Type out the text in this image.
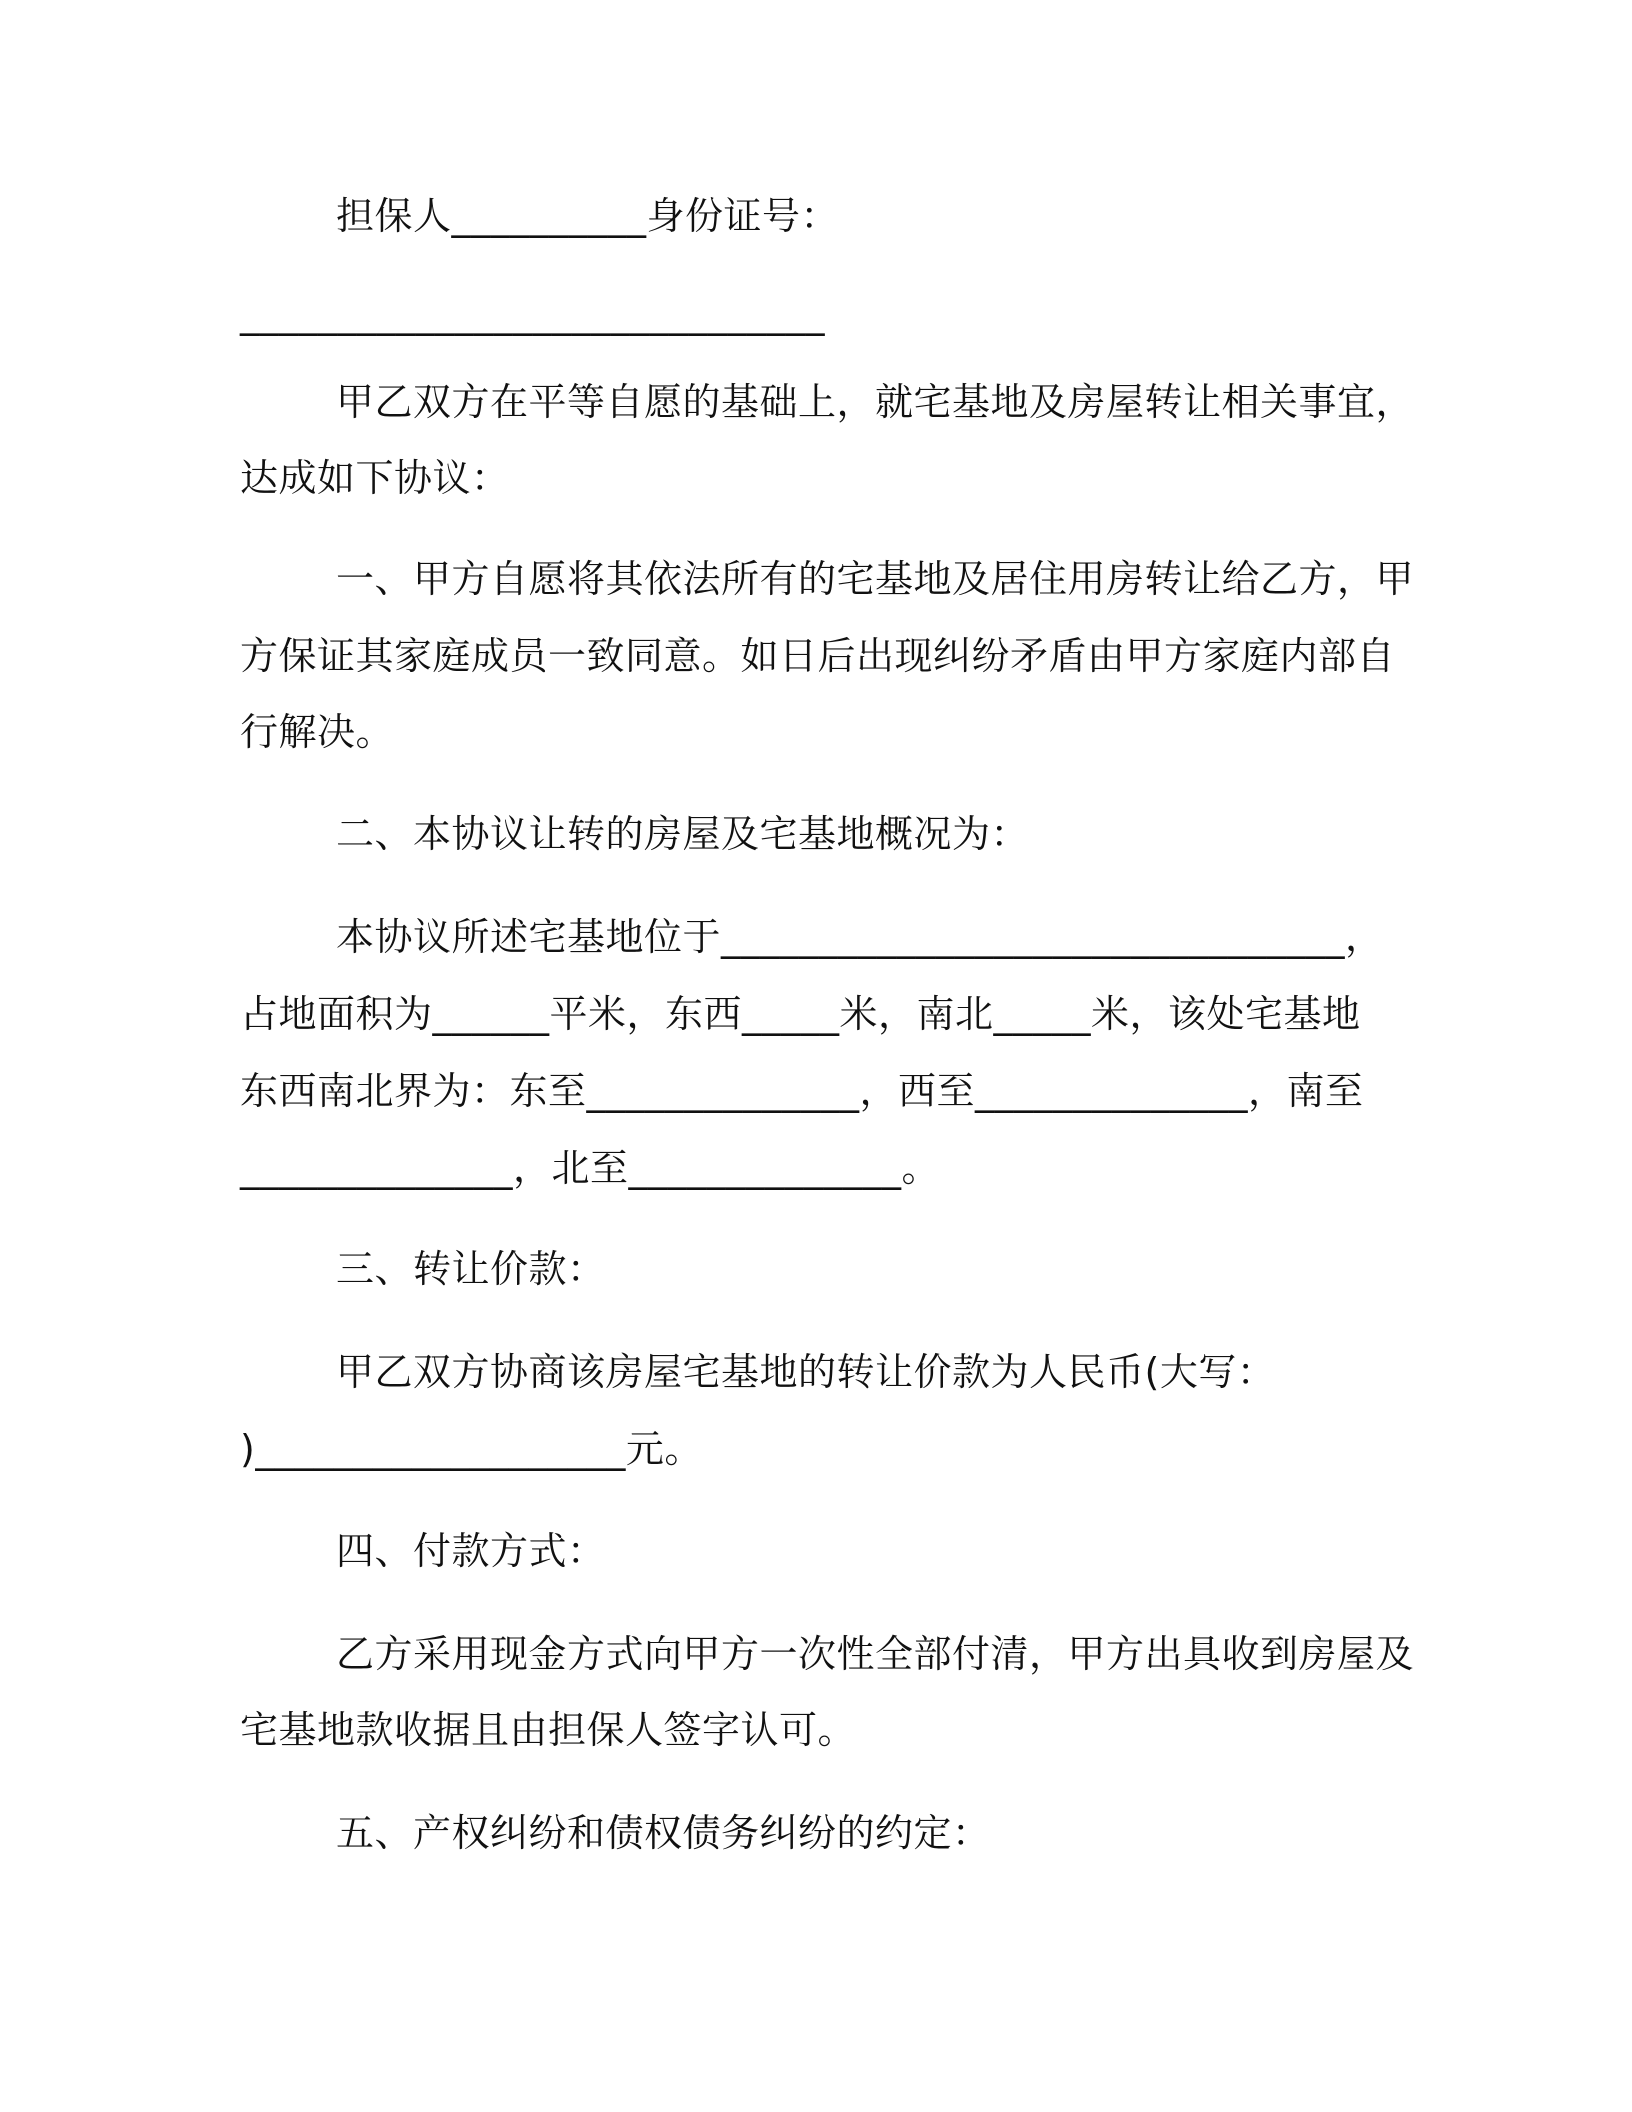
担保人__________身份证号：
______________________________
甲乙双方在平等自愿的基础上，就宅基地及房屋转让相关事宜，
达成如下协议：
一、甲方自愿将其依法所有的宅基地及居住用房转让给乙方，甲
方保证其家庭成员一致同意。如日后出现纠纷矛盾由甲方家庭内部自
行解决。
二、本协议让转的房屋及宅基地概况为：
本协议所述宅基地位于________________________________，
占地面积为______平米，东西_____米，南北_____米，该处宅基地
东西南北界为：东至______________，西至______________，南至
______________，北至______________。
三、转让价款：
甲乙双方协商该房屋宅基地的转让价款为人民币(大写：
)___________________元。
四、付款方式：
乙方采用现金方式向甲方一次性全部付清，甲方出具收到房屋及
宅基地款收据且由担保人签字认可。
五、产权纠纷和债权债务纠纷的约定：
